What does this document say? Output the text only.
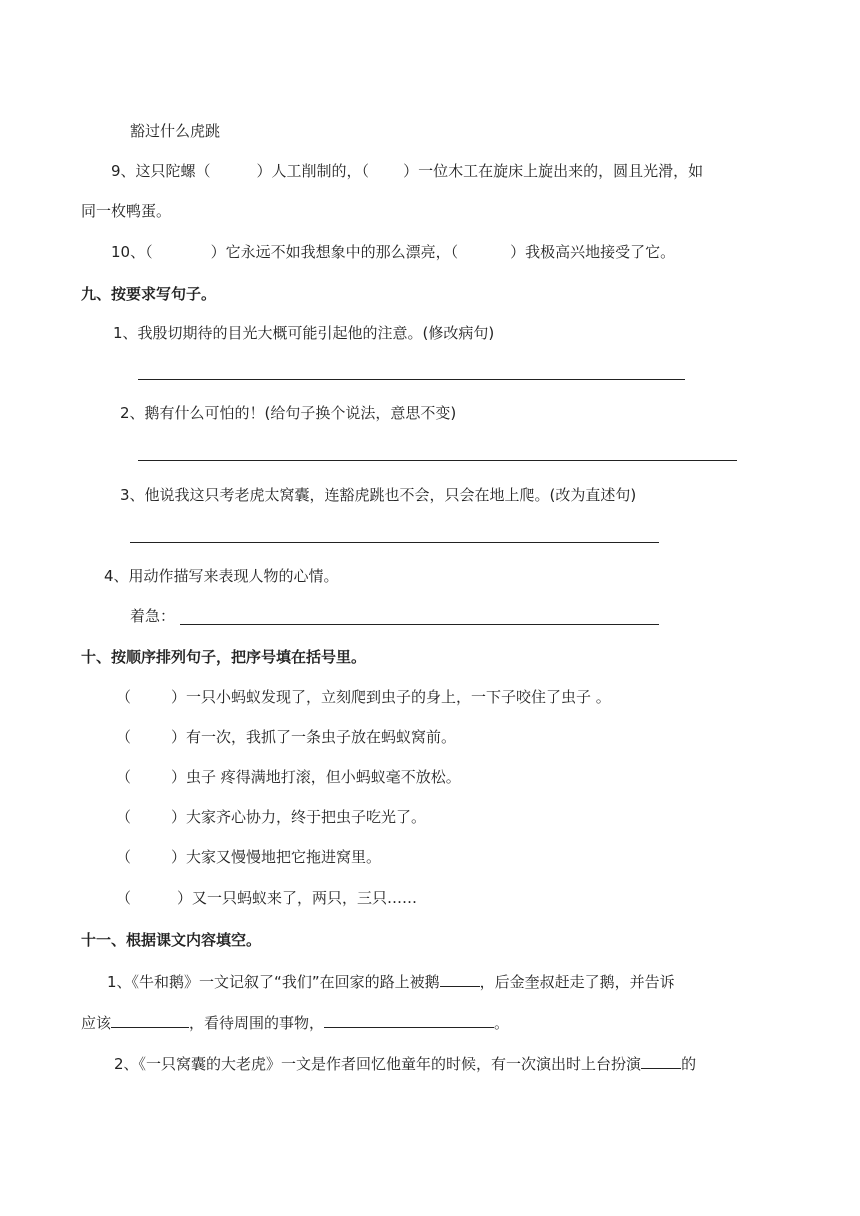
豁过什么虎跳
9、这只陀螺（	）人工削制的，（ ）一位木工在旋床上旋出来的，圆且光滑，如
同一枚鸭蛋。
10、（	）它永远不如我想象中的那么漂亮，（	）我极高兴地接受了它。
九、按要求写句子。
1、我殷切期待的目光大概可能引起他的注意。(修改病句)
2、鹅有什么可怕的！(给句子换个说法，意思不变)
3、他说我这只考老虎太窝囊，连豁虎跳也不会，只会在地上爬。(改为直述句)
4、用动作描写来表现人物的心情。
着急：
十、按顺序排列句子，把序号填在括号里。
（	）一只小蚂蚁发现了，立刻爬到虫子的身上，一下子咬住了虫子 。
（	）有一次，我抓了一条虫子放在蚂蚁窝前。
（	）虫子 疼得满地打滚，但小蚂蚁毫不放松。
（	）大家齐心协力，终于把虫子吃光了。
（	）大家又慢慢地把它拖进窝里。
（	）又一只蚂蚁来了，两只，三只……
十一、根据课文内容填空。
1、《牛和鹅》一文记叙了“我们”在回家的路上被鹅	，后金奎叔赶走了鹅，并告诉
应该	，看待周围的事物，	。
2、《一只窝囊的大老虎》一文是作者回忆他童年的时候，有一次演出时上台扮演	的
